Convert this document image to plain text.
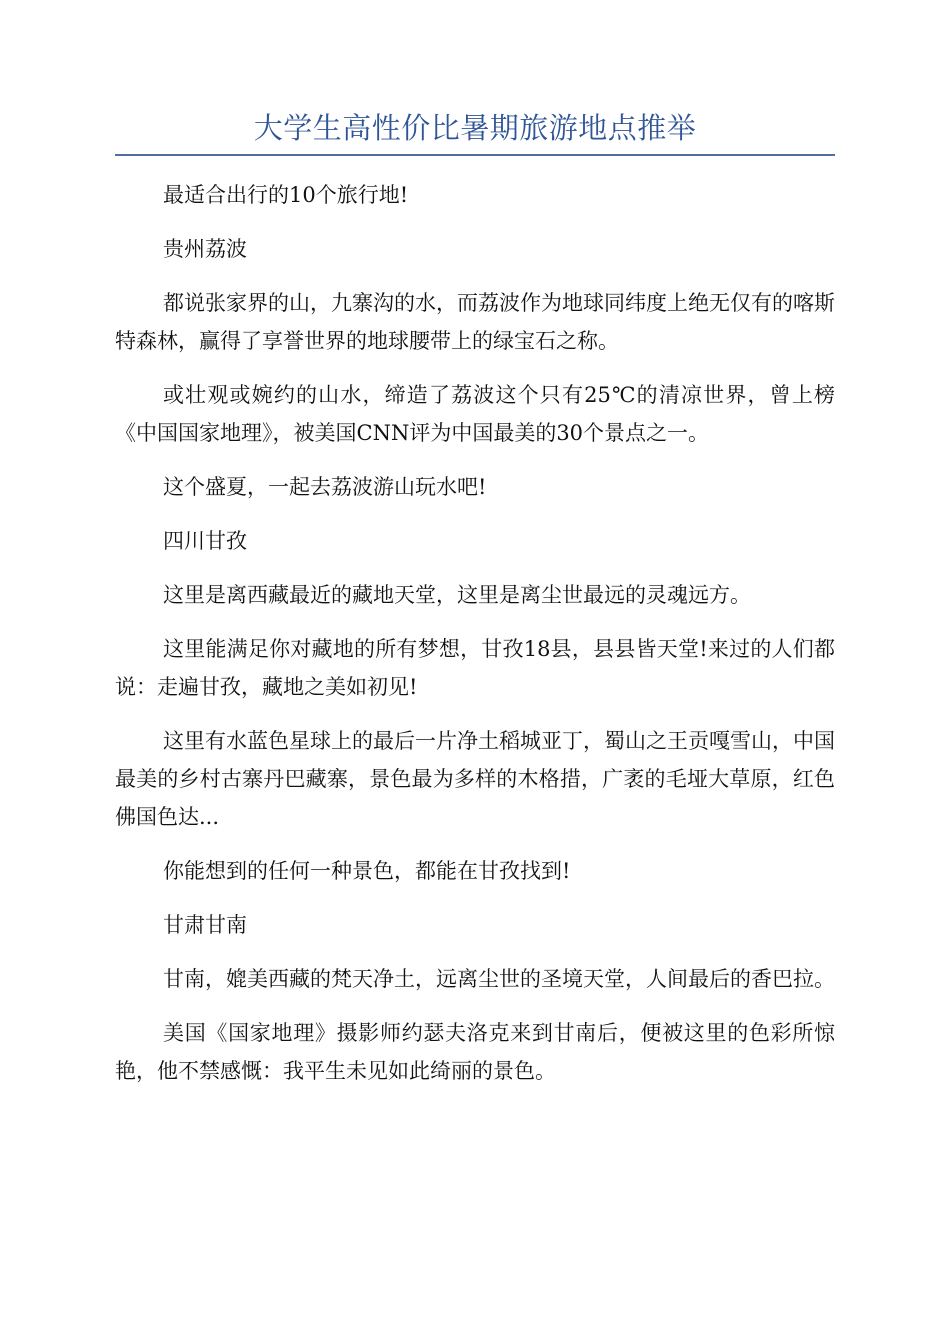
大学生高性价比暑期旅游地点推举

最适合出行的10个旅行地!

贵州荔波

都说张家界的山，九寨沟的水，而荔波作为地球同纬度上绝无仅有的喀斯特森林，赢得了享誉世界的地球腰带上的绿宝石之称。

或壮观或婉约的山水，缔造了荔波这个只有25℃的清凉世界，曾上榜《中国国家地理》，被美国CNN评为中国最美的30个景点之一。

这个盛夏，一起去荔波游山玩水吧!

四川甘孜

这里是离西藏最近的藏地天堂，这里是离尘世最远的灵魂远方。

这里能满足你对藏地的所有梦想，甘孜18县，县县皆天堂!来过的人们都说：走遍甘孜，藏地之美如初见!

这里有水蓝色星球上的最后一片净土稻城亚丁，蜀山之王贡嘎雪山，中国最美的乡村古寨丹巴藏寨，景色最为多样的木格措，广袤的毛垭大草原，红色佛国色达...

你能想到的任何一种景色，都能在甘孜找到!

甘肃甘南

甘南，媲美西藏的梵天净土，远离尘世的圣境天堂，人间最后的香巴拉。

美国《国家地理》摄影师约瑟夫洛克来到甘南后，便被这里的色彩所惊艳，他不禁感慨：我平生未见如此绮丽的景色。
